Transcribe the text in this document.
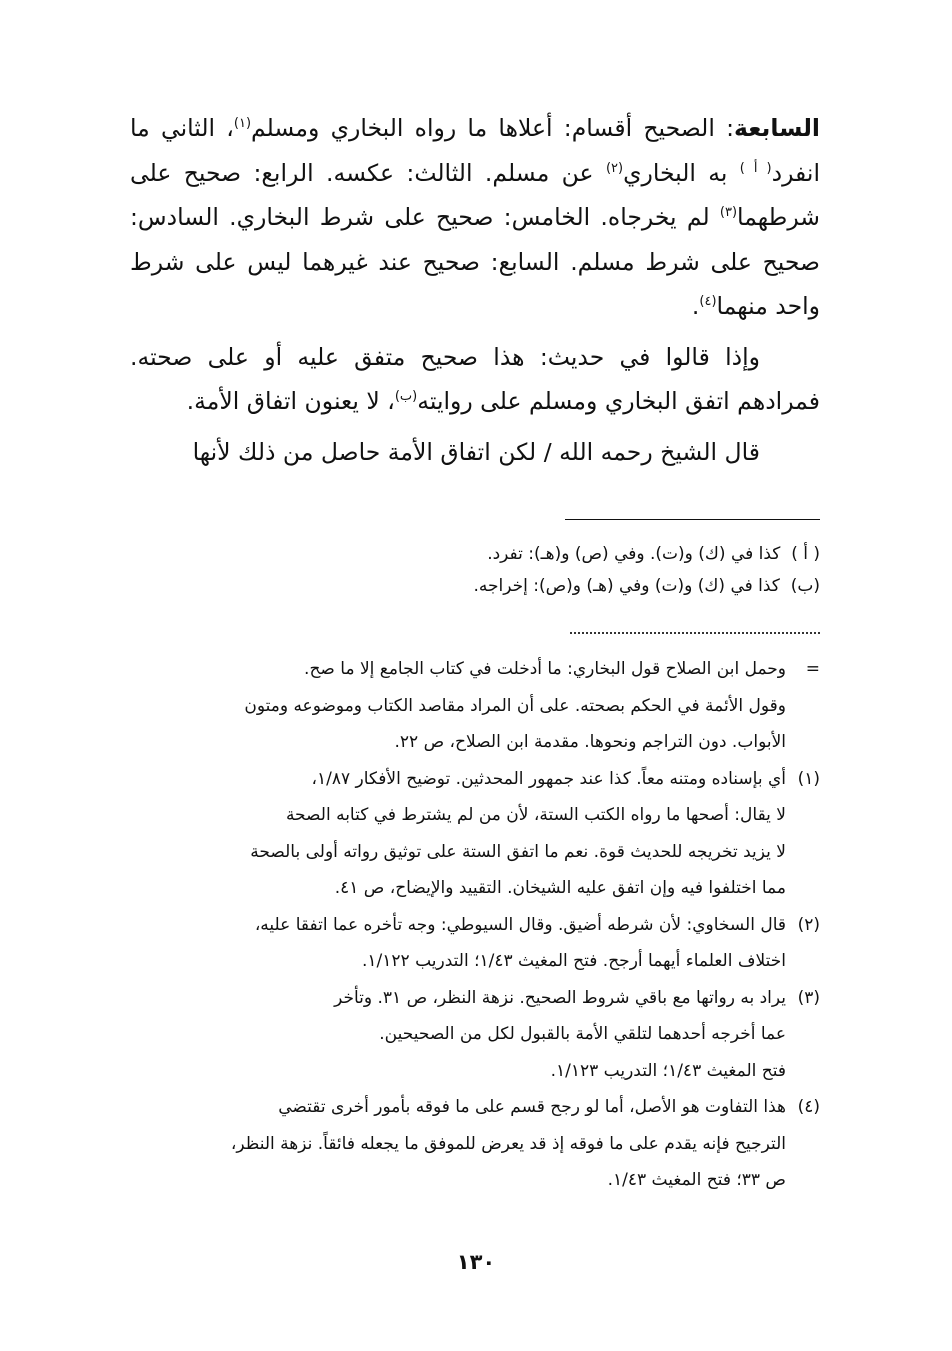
السابعة: الصحيح أقسام: أعلاها ما رواه البخاري ومسلم$^{(١)}$، الثاني ما انفرد$^{( أ )}$ به البخاري$^{(٢)}$ عن مسلم. الثالث: عكسه. الرابع: صحيح على شرطهما$^{(٣)}$ لم يخرجاه. الخامس: صحيح على شرط البخاري. السادس: صحيح على شرط مسلم. السابع: صحيح عند غيرهما ليس على شرط واحد منهما$^{(٤)}$.

وإذا قالوا في حديث: هذا صحيح متفق عليه أو على صحته. فمرادهم اتفق البخاري ومسلم على روايته$^{(ب)}$، لا يعنون اتفاق الأمة.

قال الشيخ رحمه الله / لكن اتفاق الأمة حاصل من ذلك لأنها

( أ )  كذا في (ك) و(ت). وفي (ص) و(هـ): تفرد.

(ب)  كذا في (ك) و(ت) وفي (هـ) و(ص): إخراجه.

=
وحمل ابن الصلاح قول البخاري: ما أدخلت في كتاب الجامع إلا ما صح.
وقول الأئمة في الحكم بصحته. على أن المراد مقاصد الكتاب وموضوعه ومتون
الأبواب. دون التراجم ونحوها. مقدمة ابن الصلاح، ص ٢٢.
(١)
أي بإسناده ومتنه معاً. كذا عند جمهور المحدثين. توضيح الأفكار ١/٨٧،
لا يقال: أصحها ما رواه الكتب الستة، لأن من لم يشترط في كتابه الصحة
لا يزيد تخريجه للحديث قوة. نعم ما اتفق الستة على توثيق رواته أولى بالصحة
مما اختلفوا فيه وإن اتفق عليه الشيخان. التقييد والإيضاح، ص ٤١.
(٢)
قال السخاوي: لأن شرطه أضيق. وقال السيوطي: وجه تأخره عما اتفقا عليه،
اختلاف العلماء أيهما أرجح. فتح المغيث ١/٤٣؛ التدريب ١/١٢٢.
(٣)
يراد به رواتها مع باقي شروط الصحيح. نزهة النظر، ص ٣١. وتأخر
عما أخرجه أحدهما لتلقي الأمة بالقبول لكل من الصحيحين.
فتح المغيث ١/٤٣؛ التدريب ١/١٢٣.
(٤)
هذا التفاوت هو الأصل، أما لو رجح قسم على ما فوقه بأمور أخرى تقتضي
الترجيح فإنه يقدم على ما فوقه إذ قد يعرض للموفق ما يجعله فائقاً. نزهة النظر،
ص ٣٣؛ فتح المغيث ١/٤٣.
١٣٠
